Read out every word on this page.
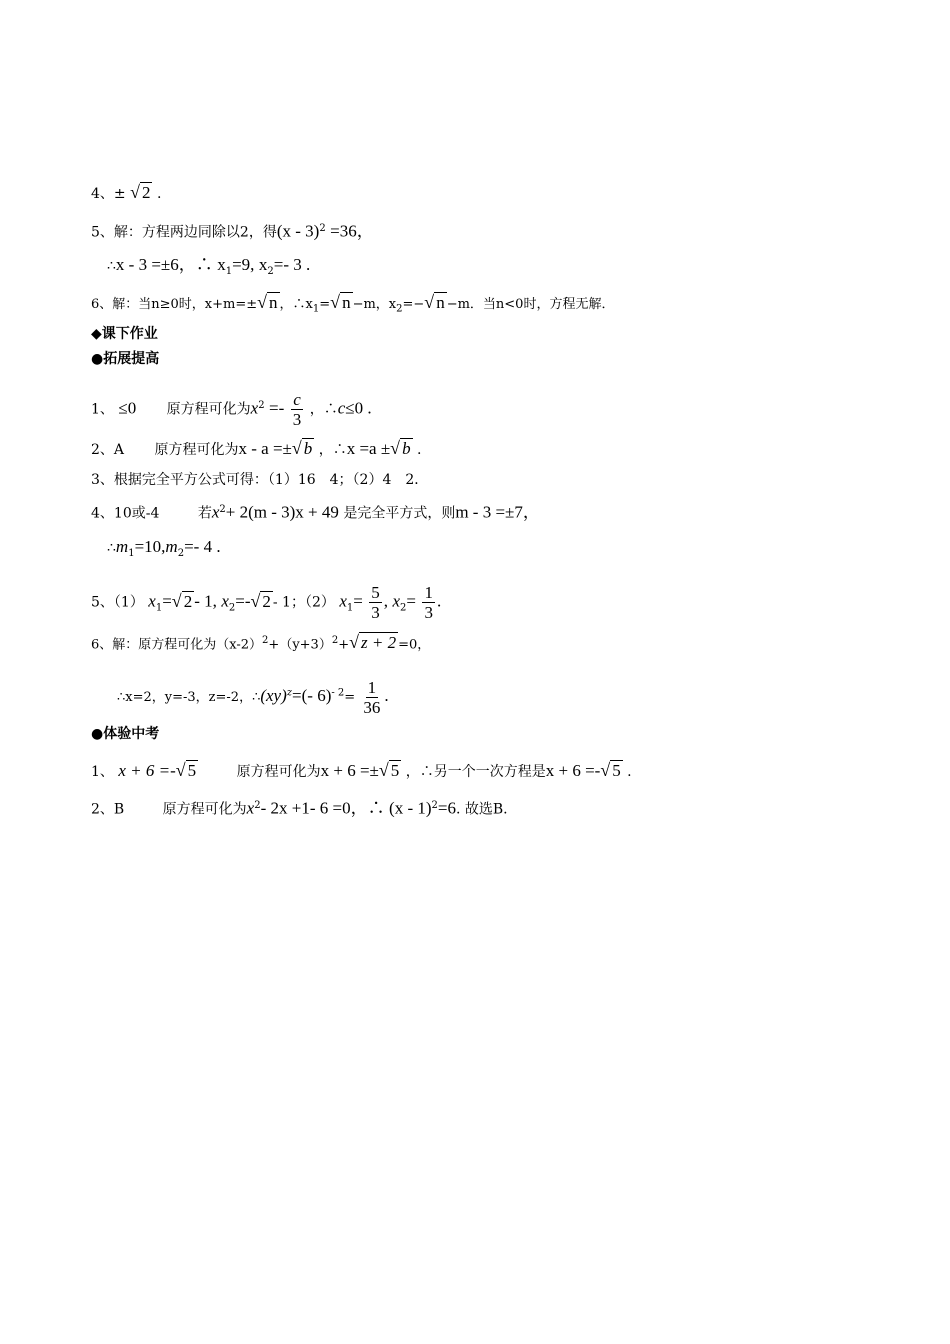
4、± √ 2 .
5、解：方程两边同除以2，得(x - 3)$^2$ =36，
∴x - 3 =±6，∴ $x_1=9$, $x_2=-$ 3 .
6、解：当n≥0时，x+m=±√ n ，$\therefore x_1=√$ n −m，$x_2=-√$ n −m．当n<0时，方程无解．
◆课下作业
●拓展提高
1、 ≤0 原方程可化为$x^2 =- \frac{c}{3}$ ，∴c≤0 .
2、A 原方程可化为x - a =±√ b ，∴x =a ±√ b .
3、根据完全平方公式可得：（1）16　4；（2）4　2．
4、10或-4	若$x^2+ 2(m - 3)x + 49$ 是完全平方式，则m - 3 =±7，
$\therefore m_1=10,m_2=-$ 4 .
5、（1） $x_1=√$ 2 - 1, $x_2=-√$ 2 - 1；（2） $x_1= \frac{5}{3}$ , $x_2= \frac{1}{3}$ .
6、解：原方程可化为$(x-2)^2+(y+3)^2+√$ z + 2 =0，
∴x=2，y=-3，z=-2，∴(xy)$^z$=(- $6)^{- 2}= \frac{1}{36}$ .
●体验中考
1、 x + 6 =-√ 5	原方程可化为x + 6 =±√ 5 ，∴另一个一次方程是x + 6 =-√ 5 .
2、B	原方程可化为$x^2-$ 2x +1- 6 =0，∴ (x - 1)$^2$=6. 故选B.
